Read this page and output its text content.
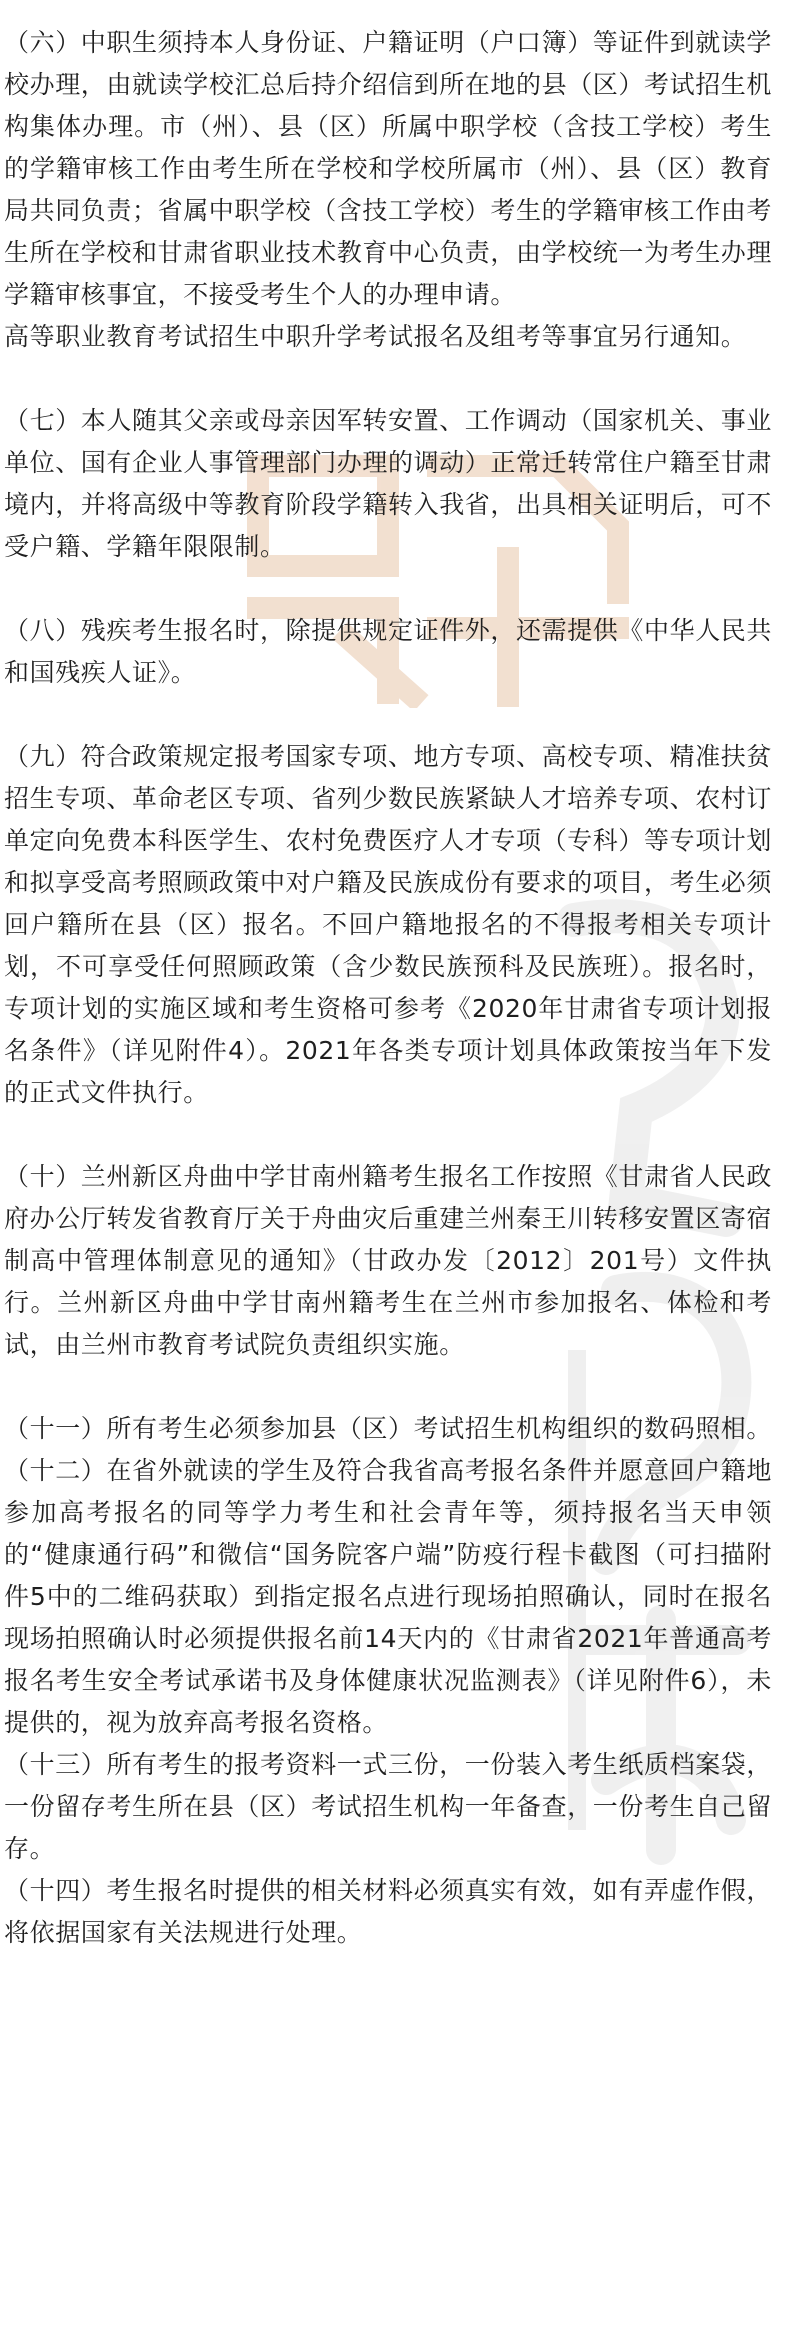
（六）中职生须持本人身份证、户籍证明（户口簿）等证件到就读学校办理，由就读学校汇总后持介绍信到所在地的县（区）考试招生机构集体办理。市（州）、县（区）所属中职学校（含技工学校）考生的学籍审核工作由考生所在学校和学校所属市（州）、县（区）教育局共同负责；省属中职学校（含技工学校）考生的学籍审核工作由考生所在学校和甘肃省职业技术教育中心负责，由学校统一为考生办理学籍审核事宜，不接受考生个人的办理申请。

高等职业教育考试招生中职升学考试报名及组考等事宜另行通知。

（七）本人随其父亲或母亲因军转安置、工作调动（国家机关、事业单位、国有企业人事管理部门办理的调动）正常迁转常住户籍至甘肃境内，并将高级中等教育阶段学籍转入我省，出具相关证明后，可不受户籍、学籍年限限制。

（八）残疾考生报名时，除提供规定证件外，还需提供《中华人民共和国残疾人证》。

（九）符合政策规定报考国家专项、地方专项、高校专项、精准扶贫招生专项、革命老区专项、省列少数民族紧缺人才培养专项、农村订单定向免费本科医学生、农村免费医疗人才专项（专科）等专项计划和拟享受高考照顾政策中对户籍及民族成份有要求的项目，考生必须回户籍所在县（区）报名。不回户籍地报名的不得报考相关专项计划，不可享受任何照顾政策（含少数民族预科及民族班）。报名时，专项计划的实施区域和考生资格可参考《2020年甘肃省专项计划报名条件》（详见附件4）。2021年各类专项计划具体政策按当年下发的正式文件执行。

（十）兰州新区舟曲中学甘南州籍考生报名工作按照《甘肃省人民政府办公厅转发省教育厅关于舟曲灾后重建兰州秦王川转移安置区寄宿制高中管理体制意见的通知》（甘政办发〔2012〕201号）文件执行。兰州新区舟曲中学甘南州籍考生在兰州市参加报名、体检和考试，由兰州市教育考试院负责组织实施。

（十一）所有考生必须参加县（区）考试招生机构组织的数码照相。

（十二）在省外就读的学生及符合我省高考报名条件并愿意回户籍地参加高考报名的同等学力考生和社会青年等，须持报名当天申领的“健康通行码”和微信“国务院客户端”防疫行程卡截图（可扫描附件5中的二维码获取）到指定报名点进行现场拍照确认，同时在报名现场拍照确认时必须提供报名前14天内的《甘肃省2021年普通高考报名考生安全考试承诺书及身体健康状况监测表》（详见附件6），未提供的，视为放弃高考报名资格。

（十三）所有考生的报考资料一式三份，一份装入考生纸质档案袋，一份留存考生所在县（区）考试招生机构一年备查，一份考生自己留存。

（十四）考生报名时提供的相关材料必须真实有效，如有弄虚作假，将依据国家有关法规进行处理。
